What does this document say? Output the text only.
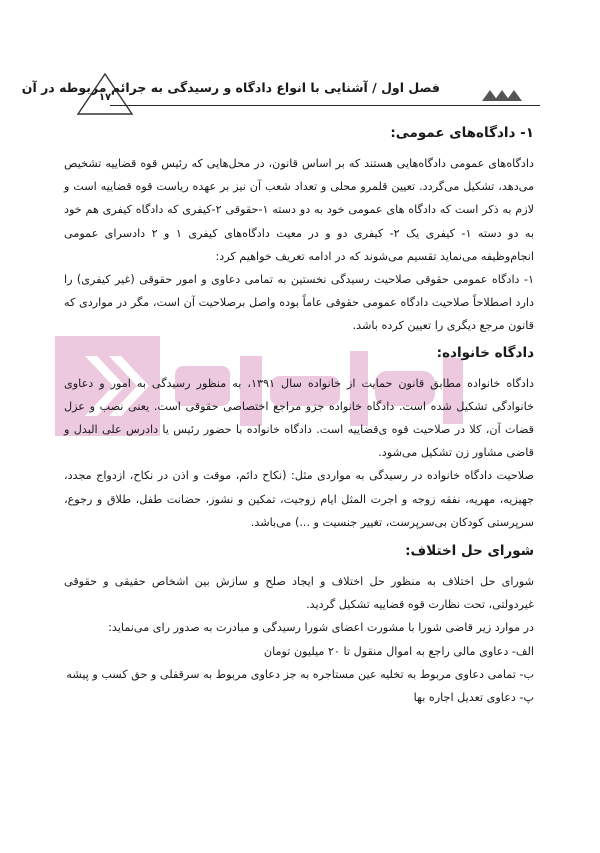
فصل اول / آشنایی با انواع دادگاه و رسیدگی به جرائم مربوطه در آن
۱۷
۱- دادگاه‌های عمومی:

دادگاه‌های عمومی دادگاه‌هایی هستند که بر اساس قانون، در محل‌هایی که رئیس قوه قضاییه تشخیص می‌دهد، تشکیل می‌گردد. تعیین قلمرو محلی و تعداد شعب آن نیز بر عهده ریاست قوه قضاییه است و لازم به ذکر است که دادگاه های عمومی خود به دو دسته ۱-حقوقی ۲-کیفری که دادگاه کیفری هم خود به دو دسته ۱- کیفری یک ۲- کیفری دو و در معیت دادگاه‌های کیفری ۱ و ۲ دادسرای عمومی انجام‌وظیفه می‌نماید تقسیم می‌شوند که در ادامه تعریف خواهیم کرد:

۱- دادگاه عمومی حقوقی صلاحیت رسیدگی نخستین به تمامی دعاوی و امور حقوقی (غیر کیفری) را دارد اصطلاحاً صلاحیت دادگاه عمومی حقوقی عاماً بوده واصل برصلاحیت آن است، مگر در مواردی که قانون مرجع دیگری را تعیین کرده باشد.

دادگاه خانواده:

دادگاه خانواده مطابق قانون حمایت از خانواده سال ۱۳۹۱، به منظور رسیدگی به امور و دعاوی خانوادگی تشکیل شده است. دادگاه خانواده جزو مراجع اختصاصی حقوقی است. یعنی نصب و عزل قضات آن، کلا در صلاحیت قوه ی‌قضاییه است. دادگاه خانواده با حضور رئیس یا دادرس علی البدل و قاضی مشاور زن تشکیل می‌شود.

صلاحیت دادگاه خانواده در رسیدگی به مواردی مثل: (نکاح دائم، موقت و اذن در نکاح، ازدواج مجدد، جهیزیه، مهریه، نفقه زوجه و اجرت المثل ایام زوجیت، تمکین و نشوز، حضانت طفل، طلاق و رجوع، سرپرستی کودکان بی‌سرپرست، تغییر جنسیت و ...) می‌باشد.

شورای حل اختلاف:

شورای حل اختلاف به منظور حل اختلاف و ایجاد صلح و سازش بین اشخاص حقیقی و حقوقی غیردولتی، تحت نظارت قوه قضاییه تشکیل گردید.

در موارد زیر قاضی شورا با مشورت اعضای شورا رسیدگی و مبادرت به صدور رای می‌نماید:

الف- دعاوی مالی راجع به اموال منقول تا ۲۰ میلیون تومان

ب- تمامی دعاوی مربوط به تخلیه عین مستاجره به جز دعاوی مربوط به سرقفلی و حق کسب و پیشه

پ- دعاوی تعدیل اجاره بها
